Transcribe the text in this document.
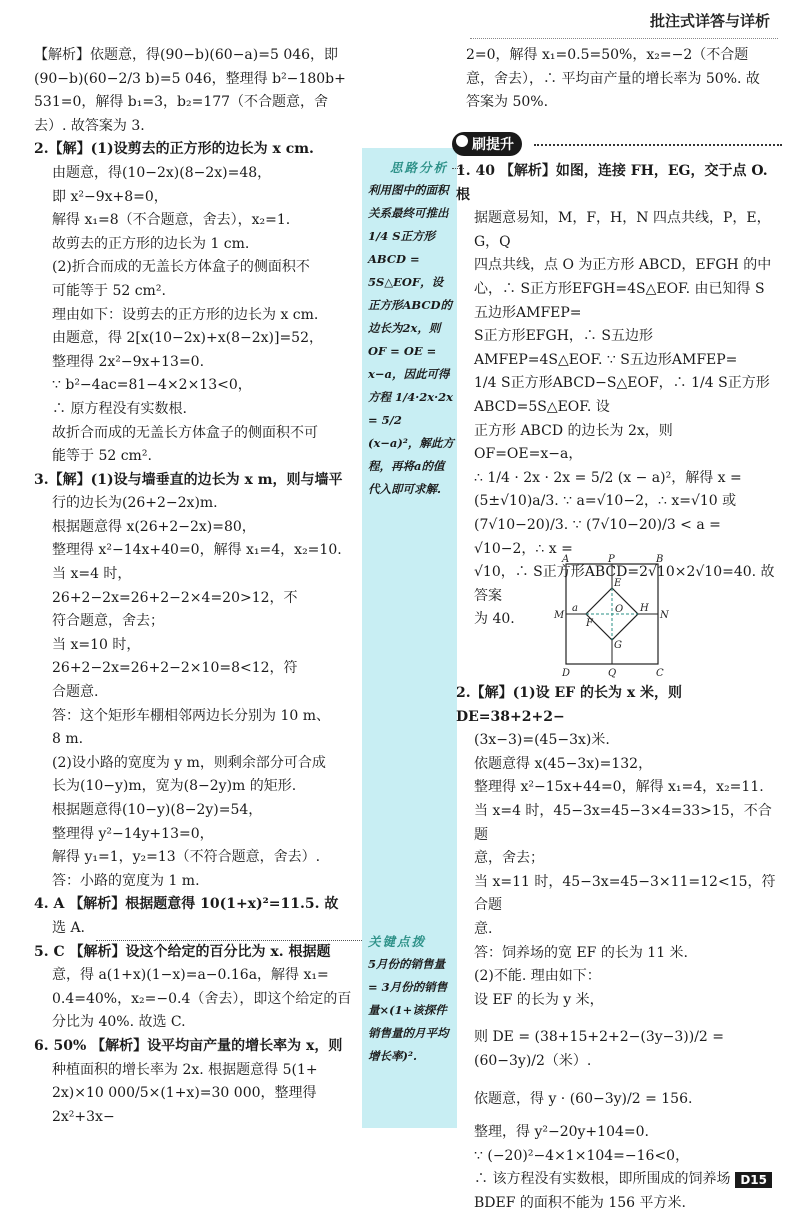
批注式详答与详析
思路分析
利用图中的面积关系最终可推出 1/4 S正方形ABCD = 5S△EOF，设正方形ABCD的边长为2x，则OF = OE = x−a，因此可得方程 1/4·2x·2x = 5/2 (x−a)²，解此方程，再将a的值代入即可求解.
关键点拨
5月份的销售量 = 3月份的销售量×(1+该探件销售量的月平均增长率)².

【解析】依题意，得(90−b)(60−a)=5 046，即

(90−b)(60−2/3 b)=5 046，整理得 b²−180b+

531=0，解得 b₁=3，b₂=177（不合题意，舍

去）. 故答案为 3.

2.【解】(1)设剪去的正方形的边长为 x cm.

由题意，得(10−2x)(8−2x)=48，

即 x²−9x+8=0，

解得 x₁=8（不合题意，舍去），x₂=1.

故剪去的正方形的边长为 1 cm.

(2)折合而成的无盖长方体盒子的侧面积不

可能等于 52 cm².

理由如下：设剪去的正方形的边长为 x cm.

由题意，得 2[x(10−2x)+x(8−2x)]=52，

整理得 2x²−9x+13=0.

∵ b²−4ac=81−4×2×13<0，

∴ 原方程没有实数根.

故折合而成的无盖长方体盒子的侧面积不可

能等于 52 cm².

3.【解】(1)设与墙垂直的边长为 x m，则与墙平

行的边长为(26+2−2x)m.

根据题意得 x(26+2−2x)=80，

整理得 x²−14x+40=0，解得 x₁=4，x₂=10.

当 x=4 时，26+2−2x=26+2−2×4=20>12，不

符合题意，舍去；

当 x=10 时，26+2−2x=26+2−2×10=8<12，符

合题意.

答：这个矩形车棚相邻两边长分别为 10 m、

8 m.

(2)设小路的宽度为 y m，则剩余部分可合成

长为(10−y)m，宽为(8−2y)m 的矩形.

根据题意得(10−y)(8−2y)=54，

整理得 y²−14y+13=0，

解得 y₁=1，y₂=13（不符合题意，舍去）.

答：小路的宽度为 1 m.

4. A 【解析】根据题意得 10(1+x)²=11.5. 故

选 A.

5. C 【解析】设这个给定的百分比为 x. 根据题

意，得 a(1+x)(1−x)=a−0.16a，解得 x₁=

0.4=40%，x₂=−0.4（舍去），即这个给定的百

分比为 40%. 故选 C.

6. 50% 【解析】设平均亩产量的增长率为 x，则

种植面积的增长率为 2x. 根据题意得 5(1+

2x)×10 000/5×(1+x)=30 000，整理得 2x²+3x−

刷提升

2=0，解得 x₁=0.5=50%，x₂=−2（不合题

意，舍去），∴ 平均亩产量的增长率为 50%. 故

答案为 50%.

1. 40 【解析】如图，连接 FH，EG，交于点 O. 根

据题意易知，M，F，H，N 四点共线，P，E，G，Q

四点共线，点 O 为正方形 ABCD，EFGH 的中

心，∴ S正方形EFGH=4S△EOF. 由已知得 S五边形AMFEP=

S正方形EFGH，∴ S五边形AMFEP=4S△EOF. ∵ S五边形AMFEP=

1/4 S正方形ABCD−S△EOF，∴ 1/4 S正方形ABCD=5S△EOF. 设

正方形 ABCD 的边长为 2x，则 OF=OE=x−a，

∴ 1/4 · 2x · 2x = 5/2 (x − a)²，解得 x =

(5±√10)a/3. ∵ a=√10−2，∴ x=√10 或

(7√10−20)/3. ∵ (7√10−20)/3 < a = √10−2，∴ x =

√10，∴ S正方形ABCD=2√10×2√10=40. 故答案

为 40.

A	P	B
E
M
a	O H
N
F
G
D	Q	C

2.【解】(1)设 EF 的长为 x 米，则 DE=38+2+2−

(3x−3)=(45−3x)米.

依题意得 x(45−3x)=132，

整理得 x²−15x+44=0，解得 x₁=4，x₂=11.

当 x=4 时，45−3x=45−3×4=33>15，不合题

意，舍去；

当 x=11 时，45−3x=45−3×11=12<15，符合题

意.

答：饲养场的宽 EF 的长为 11 米.

(2)不能. 理由如下：

设 EF 的长为 y 米，

则 DE = (38+15+2+2−(3y−3))/2 = (60−3y)/2（米）.

依题意，得 y · (60−3y)/2 = 156.

整理，得 y²−20y+104=0.

∵ (−20)²−4×1×104=−16<0，

∴ 该方程没有实数根，即所围成的饲养场

BDEF 的面积不能为 156 平方米.

D15
